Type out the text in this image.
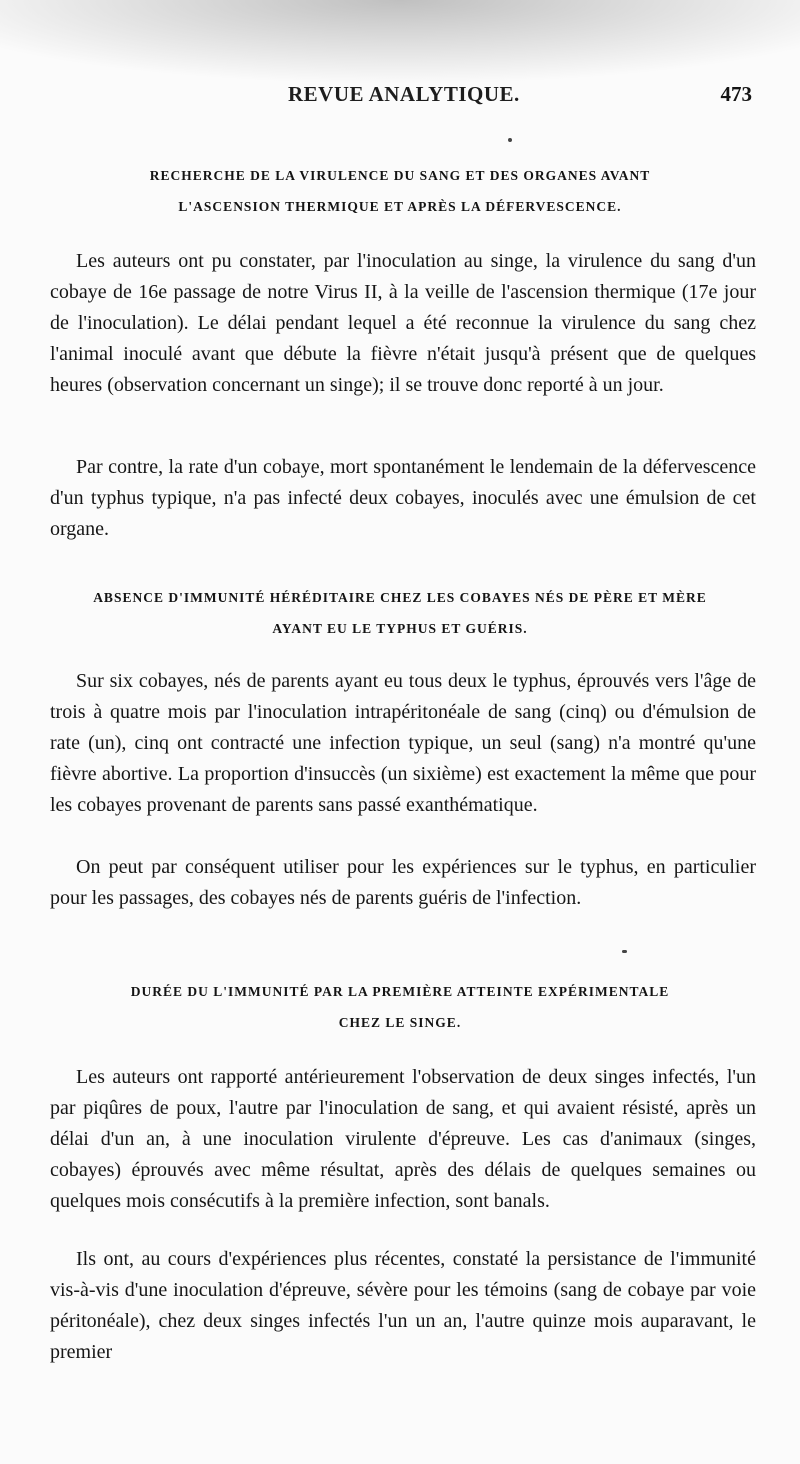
REVUE ANALYTIQUE.	473

RECHERCHE DE LA VIRULENCE DU SANG ET DES ORGANES AVANT

L'ASCENSION THERMIQUE ET APRÈS LA DÉFERVESCENCE.

Les auteurs ont pu constater, par l'inoculation au singe, la virulence du sang d'un cobaye de 16e passage de notre Virus II, à la veille de l'ascension thermique (17e jour de l'inoculation). Le délai pendant lequel a été reconnue la virulence du sang chez l'animal inoculé avant que débute la fièvre n'était jusqu'à présent que de quelques heures (observation concernant un singe); il se trouve donc reporté à un jour.

Par contre, la rate d'un cobaye, mort spontanément le lendemain de la défervescence d'un typhus typique, n'a pas infecté deux cobayes, inoculés avec une émulsion de cet organe.

ABSENCE D'IMMUNITÉ HÉRÉDITAIRE CHEZ LES COBAYES NÉS DE PÈRE ET MÈRE

AYANT EU LE TYPHUS ET GUÉRIS.

Sur six cobayes, nés de parents ayant eu tous deux le typhus, éprouvés vers l'âge de trois à quatre mois par l'inoculation intrapéritonéale de sang (cinq) ou d'émulsion de rate (un), cinq ont contracté une infection typique, un seul (sang) n'a montré qu'une fièvre abortive. La proportion d'insuccès (un sixième) est exactement la même que pour les cobayes provenant de parents sans passé exanthématique.

On peut par conséquent utiliser pour les expériences sur le typhus, en particulier pour les passages, des cobayes nés de parents guéris de l'infection.

DURÉE DU L'IMMUNITÉ PAR LA PREMIÈRE ATTEINTE EXPÉRIMENTALE

CHEZ LE SINGE.

Les auteurs ont rapporté antérieurement l'observation de deux singes infectés, l'un par piqûres de poux, l'autre par l'inoculation de sang, et qui avaient résisté, après un délai d'un an, à une inoculation virulente d'épreuve. Les cas d'animaux (singes, cobayes) éprouvés avec même résultat, après des délais de quelques semaines ou quelques mois consécutifs à la première infection, sont banals.

Ils ont, au cours d'expériences plus récentes, constaté la persistance de l'immunité vis-à-vis d'une inoculation d'épreuve, sévère pour les témoins (sang de cobaye par voie péritonéale), chez deux singes infectés l'un un an, l'autre quinze mois auparavant, le premier
